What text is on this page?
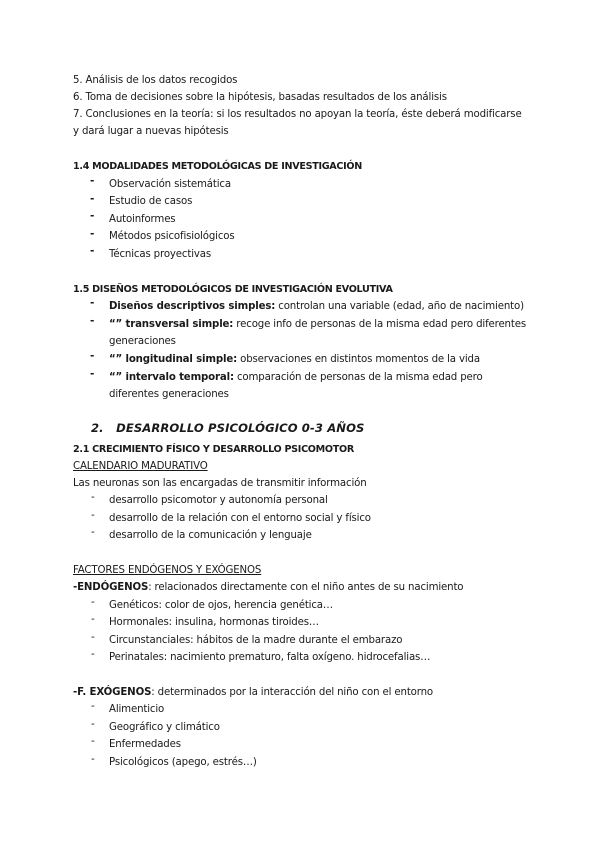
5. Análisis de los datos recogidos
6. Toma de decisiones sobre la hipótesis, basadas resultados de los análisis
7. Conclusiones en la teoría: si los resultados no apoyan la teoría, éste deberá modificarse
y dará lugar a nuevas hipótesis
1.4 MODALIDADES METODOLÓGICAS DE INVESTIGACIÓN
- Observación sistemática
- Estudio de casos
- Autoinformes
- Métodos psicofisiológicos
- Técnicas proyectivas
1.5 DISEÑOS METODOLÓGICOS DE INVESTIGACIÓN EVOLUTIVA
- Diseños descriptivos simples: controlan una variable (edad, año de nacimiento)
- “” transversal simple: recoge info de personas de la misma edad pero diferentes
generaciones
- “” longitudinal simple: observaciones en distintos momentos de la vida
- “” intervalo temporal: comparación de personas de la misma edad pero
diferentes generaciones
2. DESARROLLO PSICOLÓGICO 0-3 AÑOS
2.1 CRECIMIENTO FÍSICO Y DESARROLLO PSICOMOTOR
CALENDARIO MADURATIVO
Las neuronas son las encargadas de transmitir información
- desarrollo psicomotor y autonomía personal
- desarrollo de la relación con el entorno social y físico
- desarrollo de la comunicación y lenguaje
FACTORES ENDÓGENOS Y EXÓGENOS
-ENDÓGENOS: relacionados directamente con el niño antes de su nacimiento
- Genéticos: color de ojos, herencia genética…
- Hormonales: insulina, hormonas tiroides…
- Circunstanciales: hábitos de la madre durante el embarazo
- Perinatales: nacimiento prematuro, falta oxígeno. hidrocefalias…
-F. EXÓGENOS: determinados por la interacción del niño con el entorno
- Alimenticio
- Geográfico y climático
- Enfermedades
- Psicológicos (apego, estrés…)
